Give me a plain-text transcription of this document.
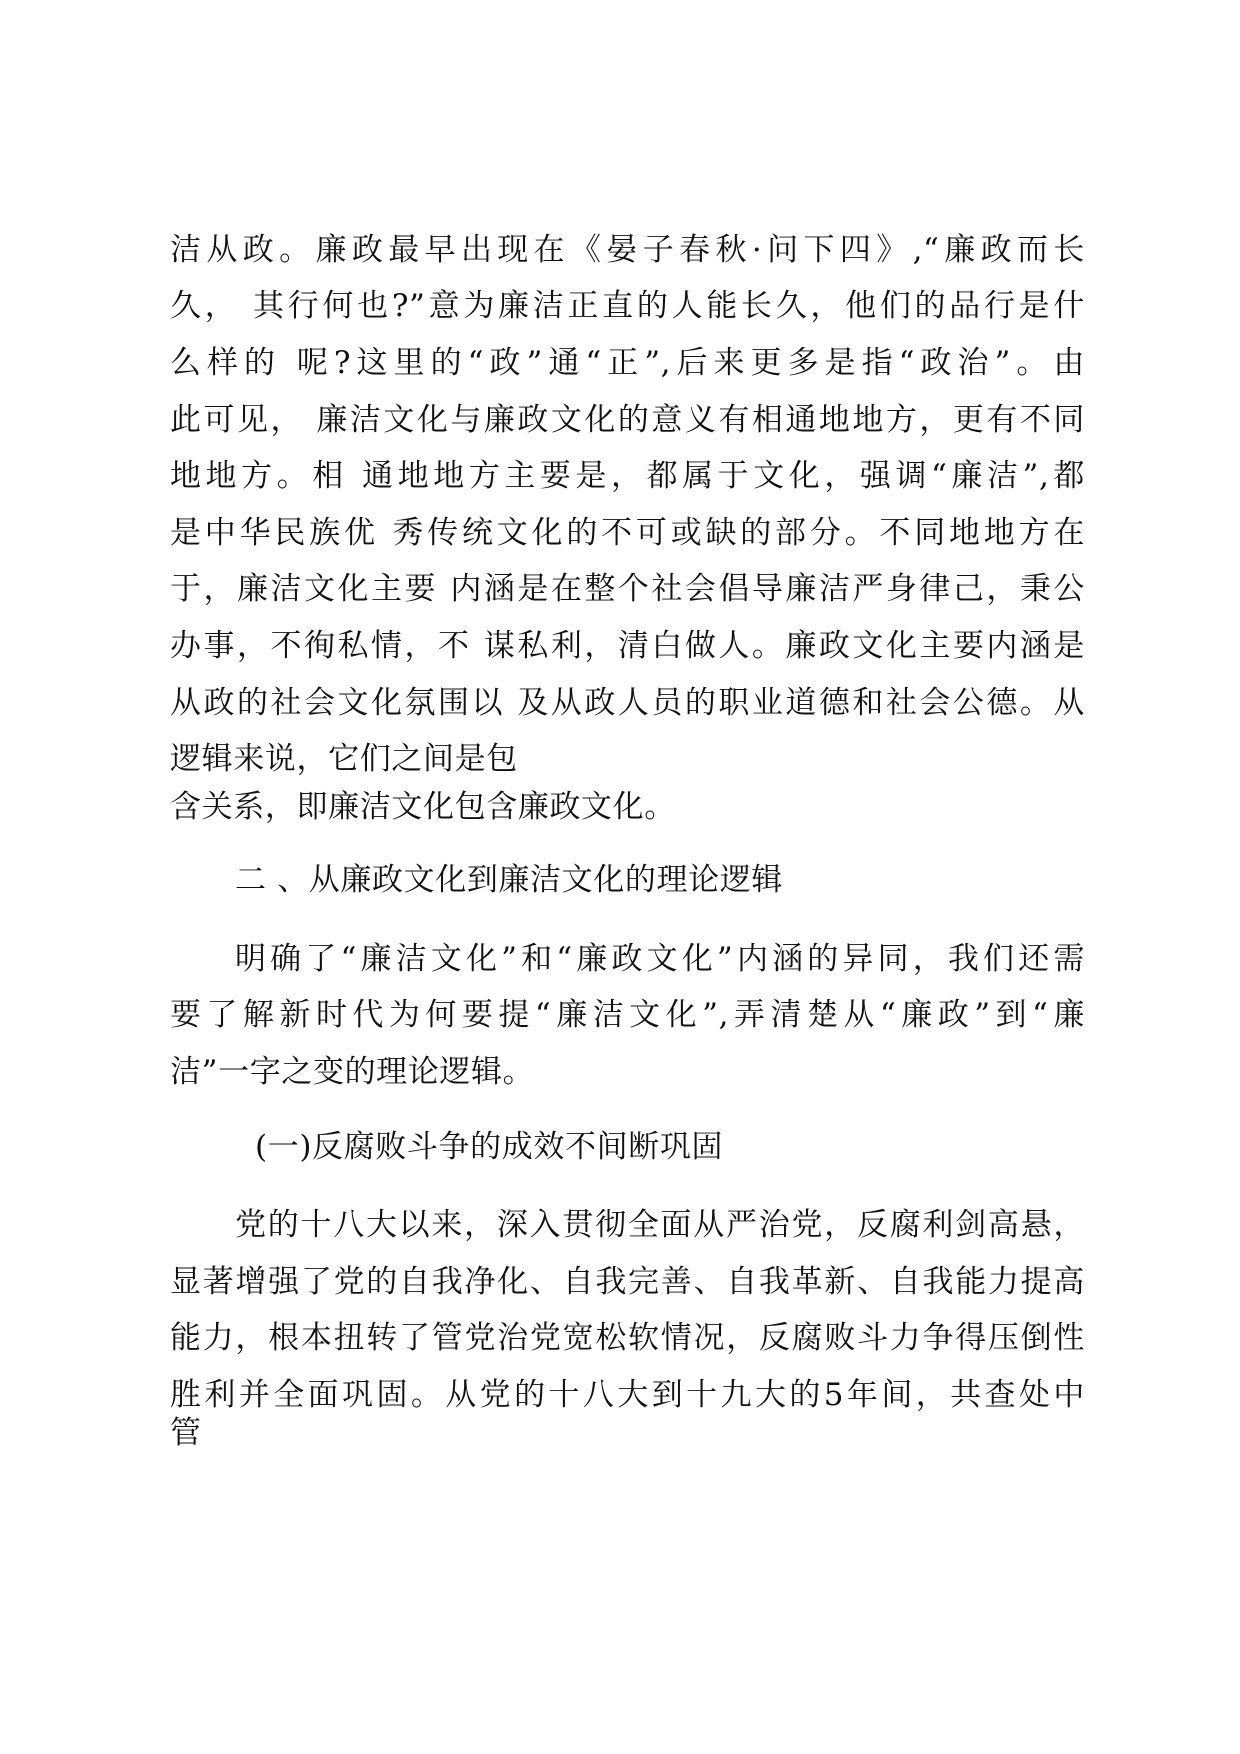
洁从政。廉政最早出现在《晏子春秋·问下四》,“廉政而长
久， 其行何也?”意为廉洁正直的人能长久，他们的品行是什
么样的 呢?这里的“政”通“正”,后来更多是指“政治”。由
此可见， 廉洁文化与廉政文化的意义有相通地地方，更有不同
地地方。相 通地地方主要是，都属于文化，强调“廉洁”,都
是中华民族优 秀传统文化的不可或缺的部分。不同地地方在
于，廉洁文化主要 内涵是在整个社会倡导廉洁严身律己，秉公
办事，不徇私情，不 谋私利，清白做人。廉政文化主要内涵是
从政的社会文化氛围以 及从政人员的职业道德和社会公德。从
逻辑来说，它们之间是包
含关系，即廉洁文化包含廉政文化。
二 、从廉政文化到廉洁文化的理论逻辑
明确了“廉洁文化”和“廉政文化”内涵的异同，我们还需
要了解新时代为何要提“廉洁文化”,弄清楚从“廉政”到“廉
洁”一字之变的理论逻辑。
(一)反腐败斗争的成效不间断巩固
党的十八大以来，深入贯彻全面从严治党，反腐利剑高悬，
显著增强了党的自我净化、自我完善、自我革新、自我能力提高
能力，根本扭转了管党治党宽松软情况，反腐败斗力争得压倒性
胜利并全面巩固。从党的十八大到十九大的5年间，共查处中
管
